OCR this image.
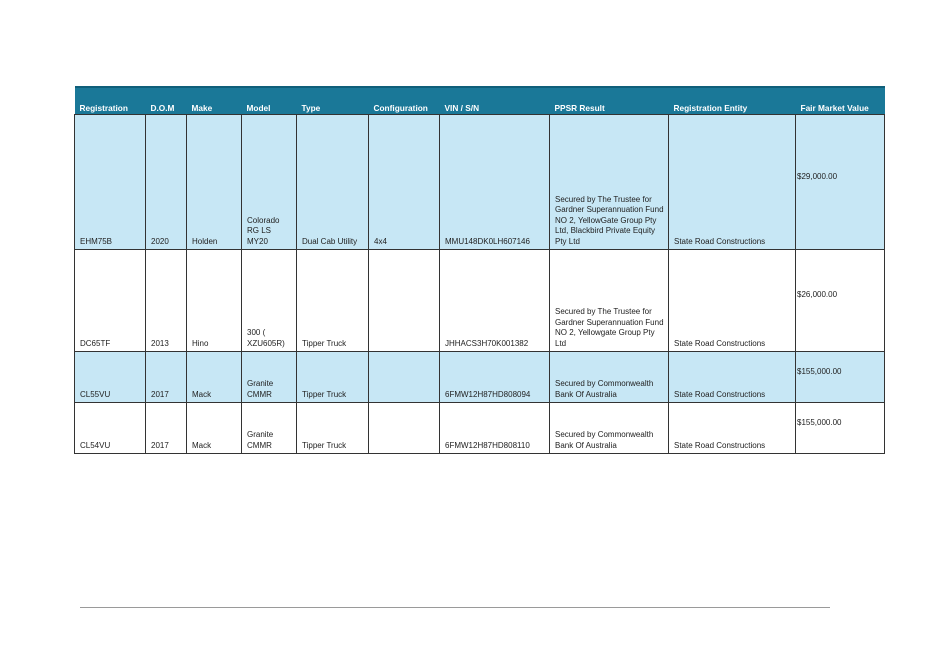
Registration	D.O.M	Make	Model	Type	Configuration	VIN / S/N	PPSR Result	Registration Entity	Fair Market Value
EHM75B	2020	Holden	Colorado RG LS MY20	Dual Cab Utility	4x4	MMU148DK0LH607146	Secured by The Trustee for Gardner Superannuation Fund NO 2, YellowGate Group Pty Ltd, Blackbird Private Equity Pty Ltd	State Road Constructions	$29,000.00
DC65TF	2013	Hino	300 ( XZU605R)	Tipper Truck		JHHACS3H70K001382	Secured by The Trustee for Gardner Superannuation Fund NO 2, Yellowgate Group Pty Ltd	State Road Constructions	$26,000.00
CL55VU	2017	Mack	Granite CMMR	Tipper Truck		6FMW12H87HD808094	Secured by Commonwealth Bank Of Australia	State Road Constructions	$155,000.00
CL54VU	2017	Mack	Granite CMMR	Tipper Truck		6FMW12H87HD808110	Secured by Commonwealth Bank Of Australia	State Road Constructions	$155,000.00
